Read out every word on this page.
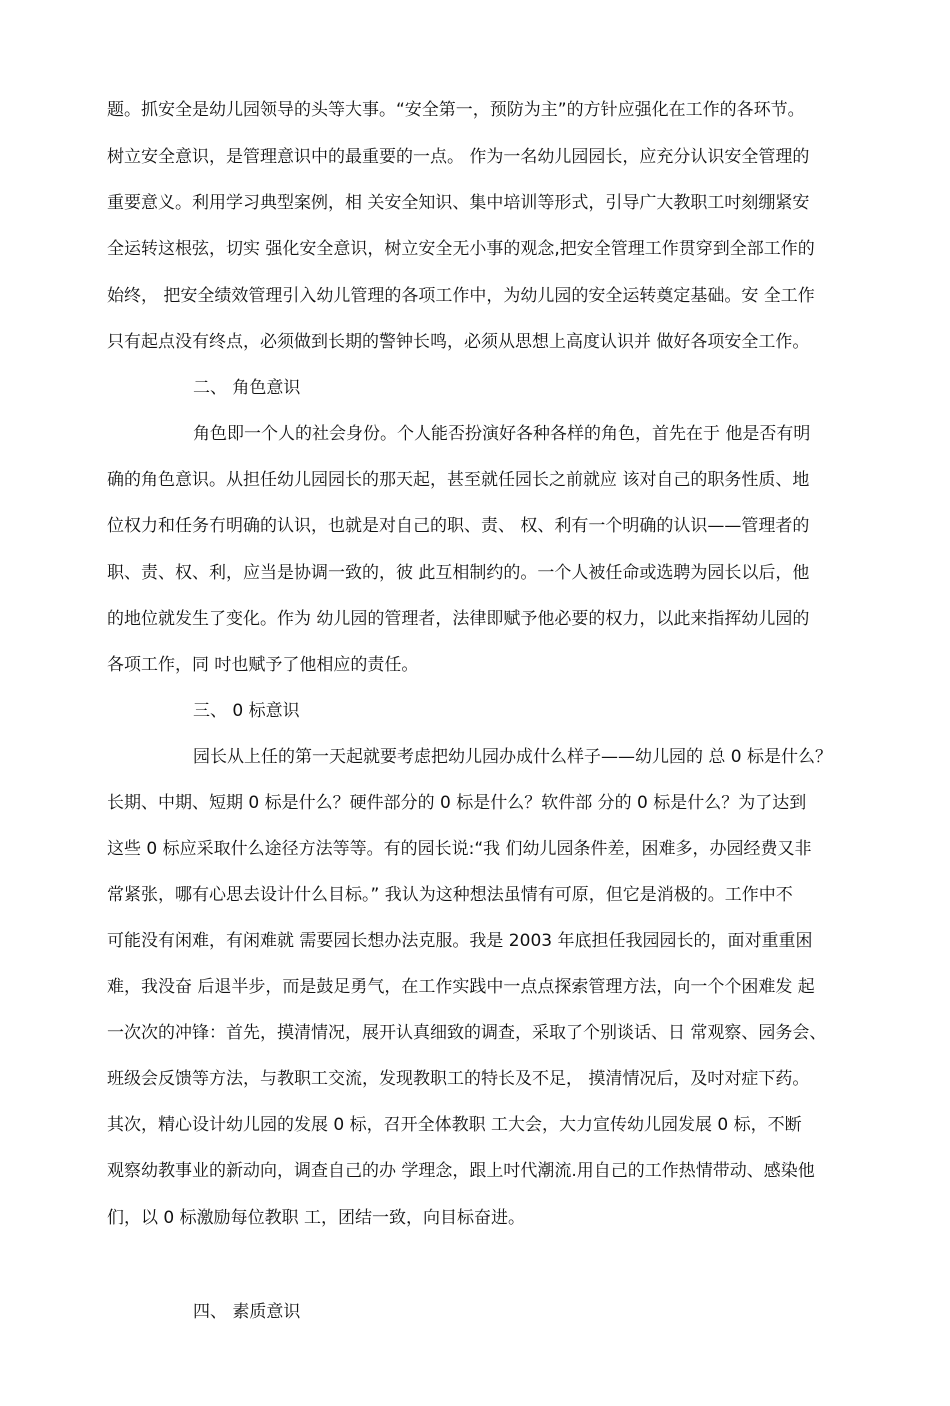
题。抓安全是幼儿园领导的头等大事。“安全第一，预防为主”的方针应强化在工作的各环节。
树立安全意识，是管理意识中的最重要的一点。 作为一名幼儿园园长，应充分认识安全管理的
重要意义。利用学习典型案例，相 关安全知识、集中培训等形式，引导广大教职工吋刻绷紧安
全运转这根弦，切实 强化安全意识，树立安全无小事的观念,把安全管理工作贯穿到全部工作的
始终， 把安全绩效管理引入幼儿管理的各项工作中，为幼儿园的安全运转奠定基础。安 全工作
只有起点没有终点，必须做到长期的警钟长鸣，必须从思想上高度认识并 做好各项安全工作。
二、 角色意识
角色即一个人的社会身份。个人能否扮演好各种各样的角色，首先在于 他是否有明
确的角色意识。从担任幼儿园园长的那天起，甚至就任园长之前就应 该对自己的职务性质、地
位权力和任务冇明确的认识，也就是对自己的职、责、 权、利有一个明确的认识——管理者的
职、责、权、利，应当是协调一致的，彼 此互相制约的。一个人被任命或选聘为园长以后，他
的地位就发生了变化。作为 幼儿园的管理者，法律即赋予他必要的权力，以此来指挥幼儿园的
各项工作，同 吋也赋予了他相应的责任。
三、 0 标意识
园长从上任的第一天起就要考虑把幼儿园办成什么样子——幼儿园的 总 0 标是什么？
长期、中期、短期 0 标是什么？硬件部分的 0 标是什么？软件部 分的 0 标是什么？为了达到
这些 0 标应采取什么途径方法等等。有的园长说:“我 们幼儿园条件差，困难多，办园经费又非
常紧张，哪有心思去设计什么目标。” 我认为这种想法虽情有可原，但它是消极的。工作中不
可能没有闲难，有闲难就 需要园长想办法克服。我是 2003 年底担任我园园长的，面对重重困
难，我没奋 后退半步，而是鼓足勇气，在工作实践中一点点探索管理方法，向一个个困难发 起
一次次的冲锋：首先，摸清情况，展开认真细致的调查，采取了个别谈话、日 常观察、园务会、
班级会反馈等方法，与教职工交流，发现教职工的特长及不足， 摸清情况后，及吋对症下药。
其次，精心设计幼儿园的发展 0 标，召开全体教职 工大会，大力宣传幼儿园发展 0 标，不断
观察幼教事业的新动向，调查自己的办 学理念，跟上吋代潮流.用自己的工作热情带动、感染他
们，以 0 标激励每位教职 工，团结一致，向目标奋进。
四、 素质意识
